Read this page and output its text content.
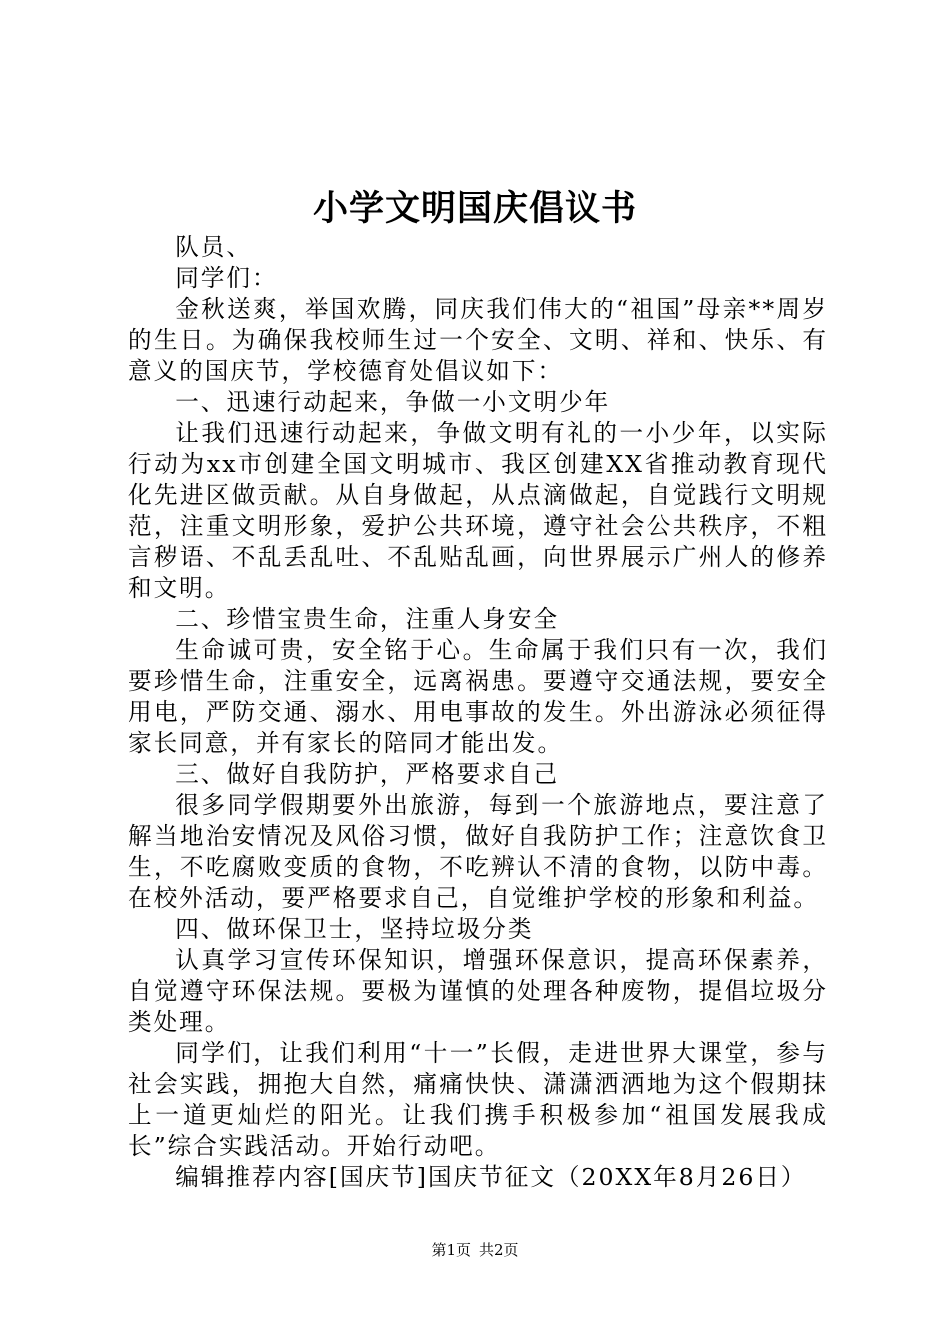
小学文明国庆倡议书

队员、

同学们：

金秋送爽，举国欢腾，同庆我们伟大的“祖国”母亲**周岁的生日。为确保我校师生过一个安全、文明、祥和、快乐、有意义的国庆节，学校德育处倡议如下：

一、迅速行动起来，争做一小文明少年

让我们迅速行动起来，争做文明有礼的一小少年，以实际行动为xx市创建全国文明城市、我区创建XX省推动教育现代化先进区做贡献。从自身做起，从点滴做起，自觉践行文明规范，注重文明形象，爱护公共环境，遵守社会公共秩序，不粗言秽语、不乱丢乱吐、不乱贴乱画，向世界展示广州人的修养和文明。

二、珍惜宝贵生命，注重人身安全

生命诚可贵，安全铭于心。生命属于我们只有一次，我们要珍惜生命，注重安全，远离祸患。要遵守交通法规，要安全用电，严防交通、溺水、用电事故的发生。外出游泳必须征得家长同意，并有家长的陪同才能出发。

三、做好自我防护，严格要求自己

很多同学假期要外出旅游，每到一个旅游地点，要注意了解当地治安情况及风俗习惯，做好自我防护工作；注意饮食卫生，不吃腐败变质的食物，不吃辨认不清的食物，以防中毒。在校外活动，要严格要求自己，自觉维护学校的形象和利益。

四、做环保卫士，坚持垃圾分类

认真学习宣传环保知识，增强环保意识，提高环保素养，自觉遵守环保法规。要极为谨慎的处理各种废物，提倡垃圾分类处理。

同学们，让我们利用“十一”长假，走进世界大课堂，参与社会实践，拥抱大自然，痛痛快快、潇潇洒洒地为这个假期抹上一道更灿烂的阳光。让我们携手积极参加“祖国发展我成长”综合实践活动。开始行动吧。

编辑推荐内容[国庆节]国庆节征文（20XX年8月26日）

第1页 共2页
